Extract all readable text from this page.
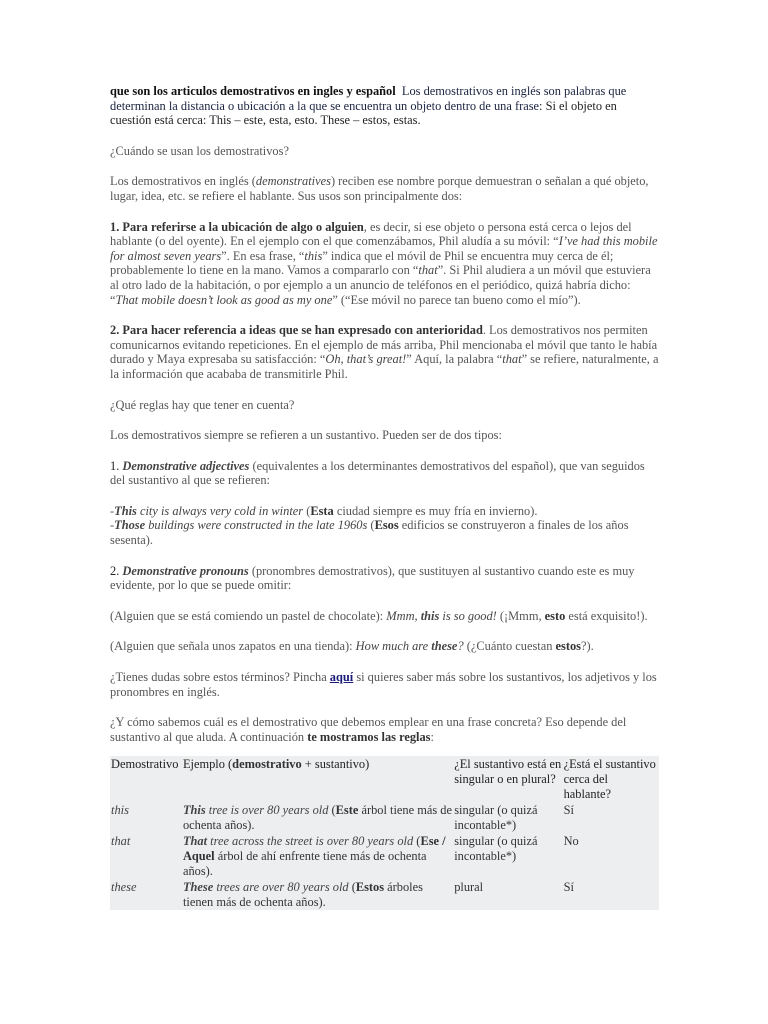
que son los articulos demostrativos en ingles y español Los demostrativos en inglés son palabras que determinan la distancia o ubicación a la que se encuentra un objeto dentro de una frase: Si el objeto en cuestión está cerca: This – este, esta, esto. These – estos, estas.

¿Cuándo se usan los demostrativos?

Los demostrativos en inglés (demonstratives) reciben ese nombre porque demuestran o señalan a qué objeto, lugar, idea, etc. se refiere el hablante. Sus usos son principalmente dos:

1. Para referirse a la ubicación de algo o alguien, es decir, si ese objeto o persona está cerca o lejos del hablante (o del oyente). En el ejemplo con el que comenzábamos, Phil aludía a su móvil: “I’ve had this mobile for almost seven years”. En esa frase, “this” indica que el móvil de Phil se encuentra muy cerca de él; probablemente lo tiene en la mano. Vamos a compararlo con “that”. Si Phil aludiera a un móvil que estuviera al otro lado de la habitación, o por ejemplo a un anuncio de teléfonos en el periódico, quizá habría dicho: “That mobile doesn’t look as good as my one” (“Ese móvil no parece tan bueno como el mío”).

2. Para hacer referencia a ideas que se han expresado con anterioridad. Los demostrativos nos permiten comunicarnos evitando repeticiones. En el ejemplo de más arriba, Phil mencionaba el móvil que tanto le había durado y Maya expresaba su satisfacción: “Oh, that’s great!” Aquí, la palabra “that” se refiere, naturalmente, a la información que acababa de transmitirle Phil.

¿Qué reglas hay que tener en cuenta?

Los demostrativos siempre se refieren a un sustantivo. Pueden ser de dos tipos:

1. Demonstrative adjectives (equivalentes a los determinantes demostrativos del español), que van seguidos del sustantivo al que se refieren:

-This city is always very cold in winter (Esta ciudad siempre es muy fría en invierno).
-Those buildings were constructed in the late 1960s (Esos edificios se construyeron a finales de los años sesenta).

2. Demonstrative pronouns (pronombres demostrativos), que sustituyen al sustantivo cuando este es muy evidente, por lo que se puede omitir:

(Alguien que se está comiendo un pastel de chocolate): Mmm, this is so good! (¡Mmm, esto está exquisito!).

(Alguien que señala unos zapatos en una tienda): How much are these? (¿Cuánto cuestan estos?).

¿Tienes dudas sobre estos términos? Pincha aquí si quieres saber más sobre los sustantivos, los adjetivos y los pronombres en inglés.

¿Y cómo sabemos cuál es el demostrativo que debemos emplear en una frase concreta? Eso depende del sustantivo al que aluda. A continuación te mostramos las reglas:

Demostrativo	Ejemplo (demostrativo + sustantivo)	¿El sustantivo está en singular o en plural?	¿Está el sustantivo cerca del hablante?
this	This tree is over 80 years old (Este árbol tiene más de ochenta años).	singular (o quizá incontable*)	Sí
that	That tree across the street is over 80 years old (Ese / Aquel árbol de ahí enfrente tiene más de ochenta años).	singular (o quizá incontable*)	No
these	These trees are over 80 years old (Estos árboles tienen más de ochenta años).	plural	Sí
